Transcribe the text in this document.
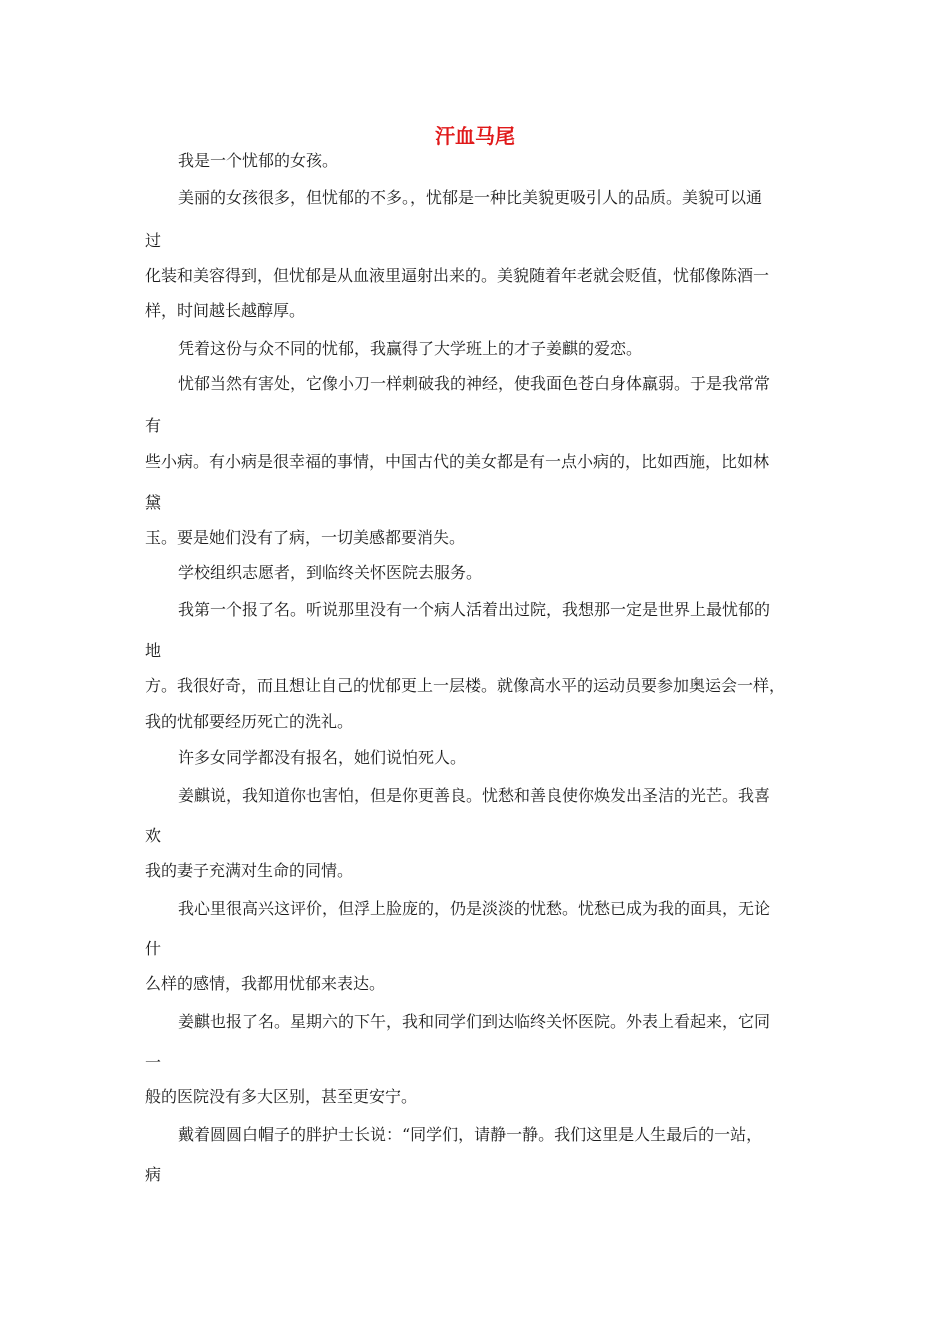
汗血马尾

我是一个忧郁的女孩。

美丽的女孩很多，但忧郁的不多。，忧郁是一种比美貌更吸引人的品质。美貌可以通

过

化装和美容得到，但忧郁是从血液里逼射出来的。美貌随着年老就会贬值，忧郁像陈酒一

样，时间越长越醇厚。

凭着这份与众不同的忧郁，我赢得了大学班上的才子姜麒的爱恋。

忧郁当然有害处，它像小刀一样刺破我的神经，使我面色苍白身体羸弱。于是我常常

有

些小病。有小病是很幸福的事情，中国古代的美女都是有一点小病的，比如西施，比如林

黛

玉。要是她们没有了病，一切美感都要消失。

学校组织志愿者，到临终关怀医院去服务。

我第一个报了名。听说那里没有一个病人活着出过院，我想那一定是世界上最忧郁的

地

方。我很好奇，而且想让自己的忧郁更上一层楼。就像高水平的运动员要参加奥运会一样，

我的忧郁要经历死亡的洗礼。

许多女同学都没有报名，她们说怕死人。

姜麒说，我知道你也害怕，但是你更善良。忧愁和善良使你焕发出圣洁的光芒。我喜

欢

我的妻子充满对生命的同情。

我心里很高兴这评价，但浮上脸庞的，仍是淡淡的忧愁。忧愁已成为我的面具，无论

什

么样的感情，我都用忧郁来表达。

姜麒也报了名。星期六的下午，我和同学们到达临终关怀医院。外表上看起来，它同

一

般的医院没有多大区别，甚至更安宁。

戴着圆圆白帽子的胖护士长说：“同学们，请静一静。我们这里是人生最后的一站，

病
